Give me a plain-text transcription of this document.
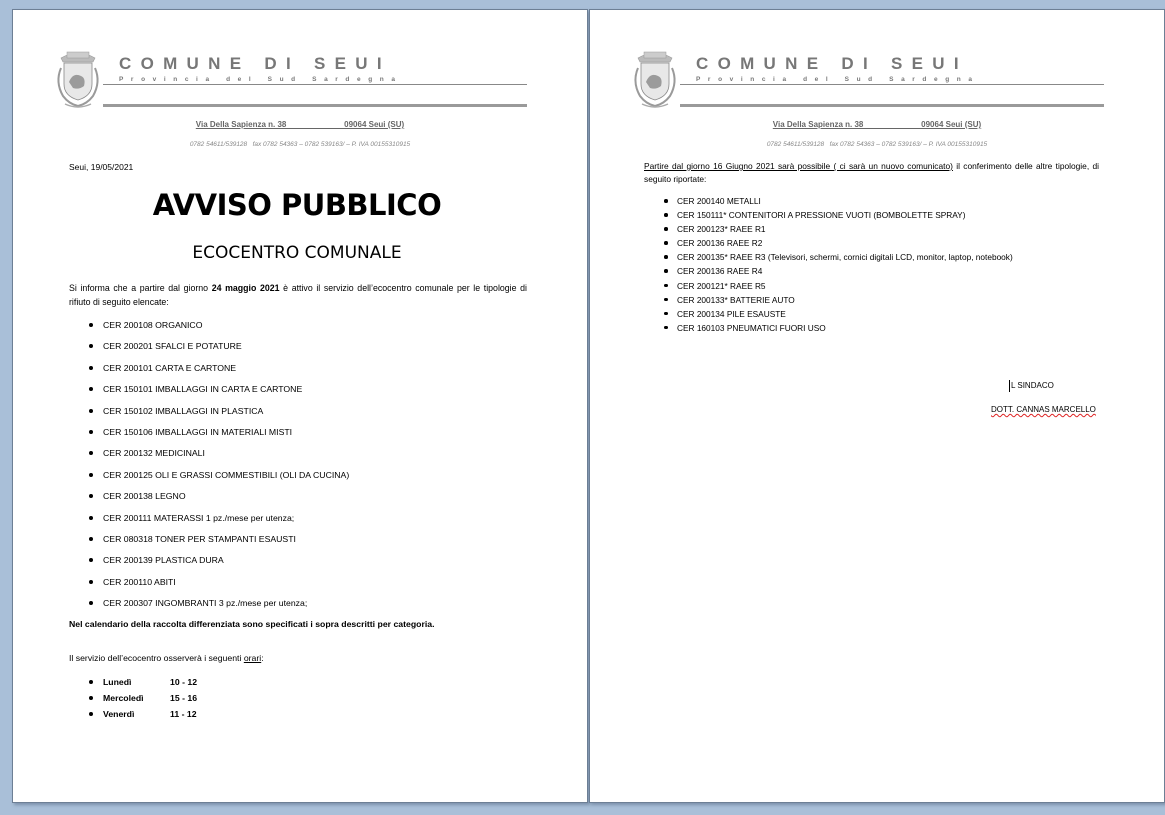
COMUNE DI SEUI
Provincia del Sud Sardegna
Via Della Sapienza n. 38                          09064 Seui (SU)
0782 54611/539128   fax 0782 54363 – 0782 539163/ – P. IVA 00155310915
Seui, 19/05/2021
AVVISO PUBBLICO
ECOCENTRO COMUNALE
Si informa che a partire dal giorno 24 maggio 2021 è attivo il servizio dell’ecocentro comunale per le tipologie di rifiuto di seguito elencate:
CER 200108 ORGANICO
CER 200201 SFALCI E POTATURE
CER 200101 CARTA E CARTONE
CER 150101 IMBALLAGGI IN CARTA E CARTONE
CER 150102 IMBALLAGGI IN PLASTICA
CER 150106 IMBALLAGGI IN MATERIALI MISTI
CER 200132 MEDICINALI
CER 200125 OLI E GRASSI COMMESTIBILI (OLI DA CUCINA)
CER 200138 LEGNO
CER 200111 MATERASSI 1 pz./mese per utenza;
CER 080318 TONER PER STAMPANTI ESAUSTI
CER 200139 PLASTICA DURA
CER 200110 ABITI
CER 200307 INGOMBRANTI 3 pz./mese per utenza;
Nel calendario della raccolta differenziata sono specificati i sopra descritti per categoria.
Il servizio dell’ecocentro osserverà i seguenti orari:
Lunedì	10 - 12
Mercoledì	15 - 16
Venerdì	11 - 12
COMUNE DI SEUI
Provincia del Sud Sardegna
Via Della Sapienza n. 38                          09064 Seui (SU)
0782 54611/539128   fax 0782 54363 – 0782 539163/ – P. IVA 00155310915
Partire dal giorno 16 Giugno 2021 sarà possibile ( ci sarà un nuovo comunicato) il conferimento delle altre tipologie, di seguito riportate:
CER 200140 METALLI
CER 150111* CONTENITORI A PRESSIONE VUOTI (BOMBOLETTE SPRAY)
CER 200123* RAEE R1
CER 200136 RAEE R2
CER 200135* RAEE R3 (Televisori, schermi, cornici digitali LCD, monitor, laptop, notebook)
CER 200136 RAEE R4
CER 200121* RAEE R5
CER 200133* BATTERIE AUTO
CER 200134 PILE ESAUSTE
CER 160103 PNEUMATICI FUORI USO
L SINDACO
DOTT. CANNAS MARCELLO
